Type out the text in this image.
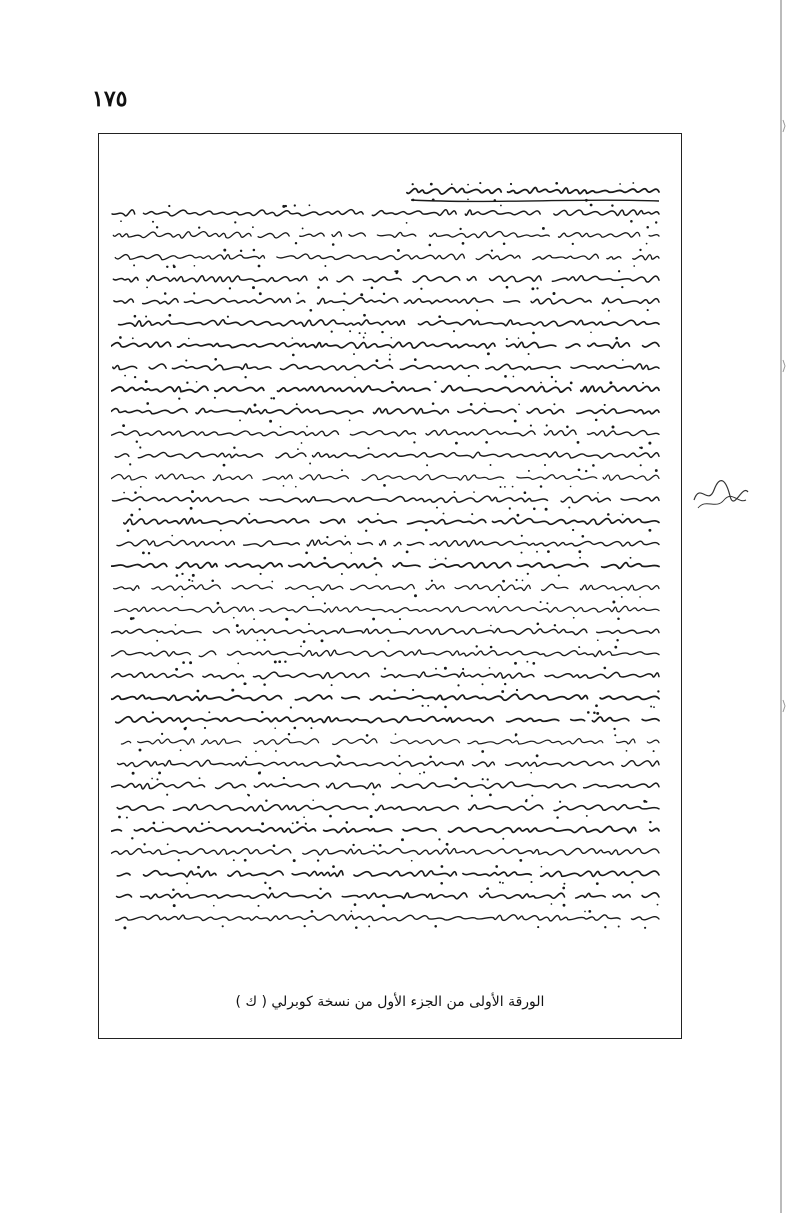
١٧٥
الورقة الأولى من الجزء الأول من نسخة كوبرلي ( ك )
